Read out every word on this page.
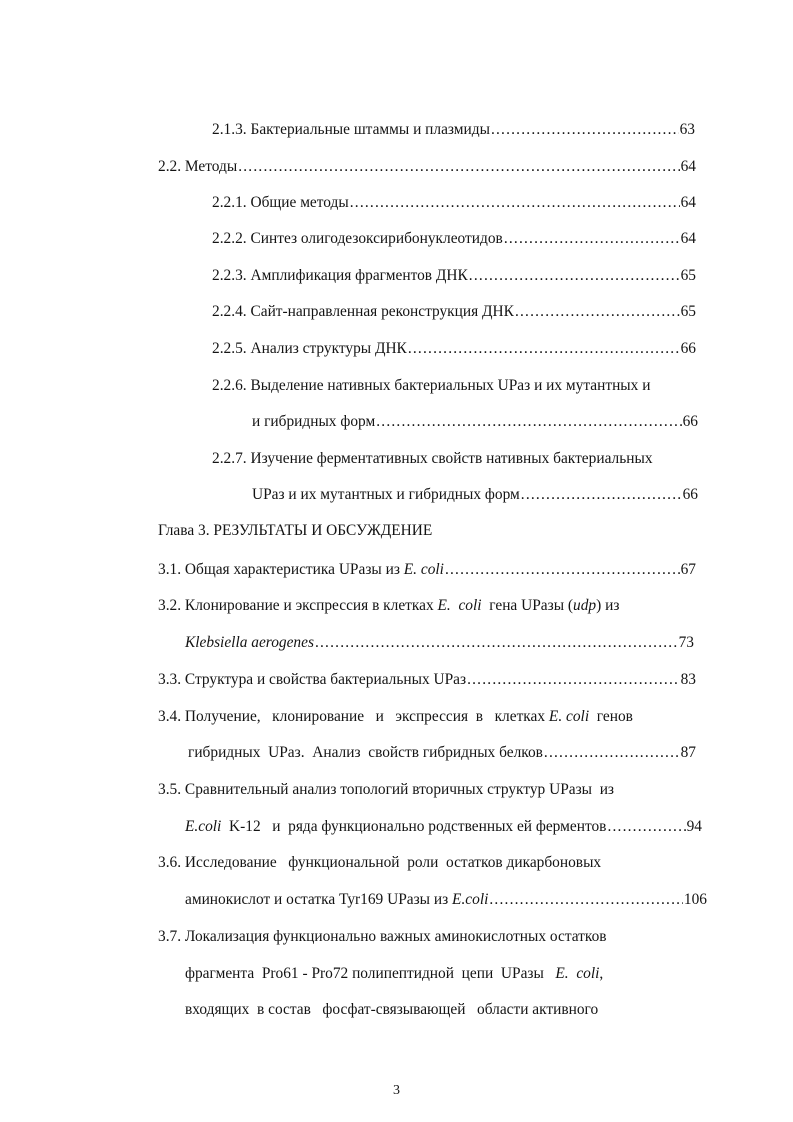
2.1.3. Бактериальные штаммы и плазмиды .....	63
2.2. Методы .....	64
2.2.1. Общие методы .....	64
2.2.2. Синтез олигодезоксирибонуклеотидов .....	64
2.2.3. Амплификация фрагментов ДНК .....	65
2.2.4. Сайт-направленная реконструкция ДНК .....	65
2.2.5. Анализ структуры ДНК .....	66
2.2.6. Выделение нативных бактериальных UPаз и их мутантных и
и гибридных форм .....	66
2.2.7. Изучение ферментативных свойств нативных бактериальных
UPаз и их мутантных и гибридных форм .....	66
Глава 3. РЕЗУЛЬТАТЫ И ОБСУЖДЕНИЕ
3.1. Общая характеристика UPазы из E. coli .....	67
3.2. Клонирование и экспрессия в клетках E.  coli  гена UPазы (udp) из
Klebsiella aerogenes .....	73
3.3. Структура и свойства бактериальных UPаз .....	83
3.4. Получение,   клонирование   и   экспрессия  в   клетках E. coli  генов
гибридных  UPаз.  Анализ  свойств гибридных белков .....	87
3.5. Сравнительный анализ топологий вторичных структур UPазы  из
E.coli  K-12   и  ряда функционально родственных ей ферментов .....	94
3.6. Исследование   функциональной  роли  остатков дикарбоновых
аминокислот и остатка Tyr169 UPазы из E.coli .....	106
3.7. Локализация функционально важных аминокислотных остатков
фрагмента  Pro61 - Pro72 полипептидной  цепи  UPазы   E.  coli,
входящих  в состав   фосфат-связывающей   области активного
3
